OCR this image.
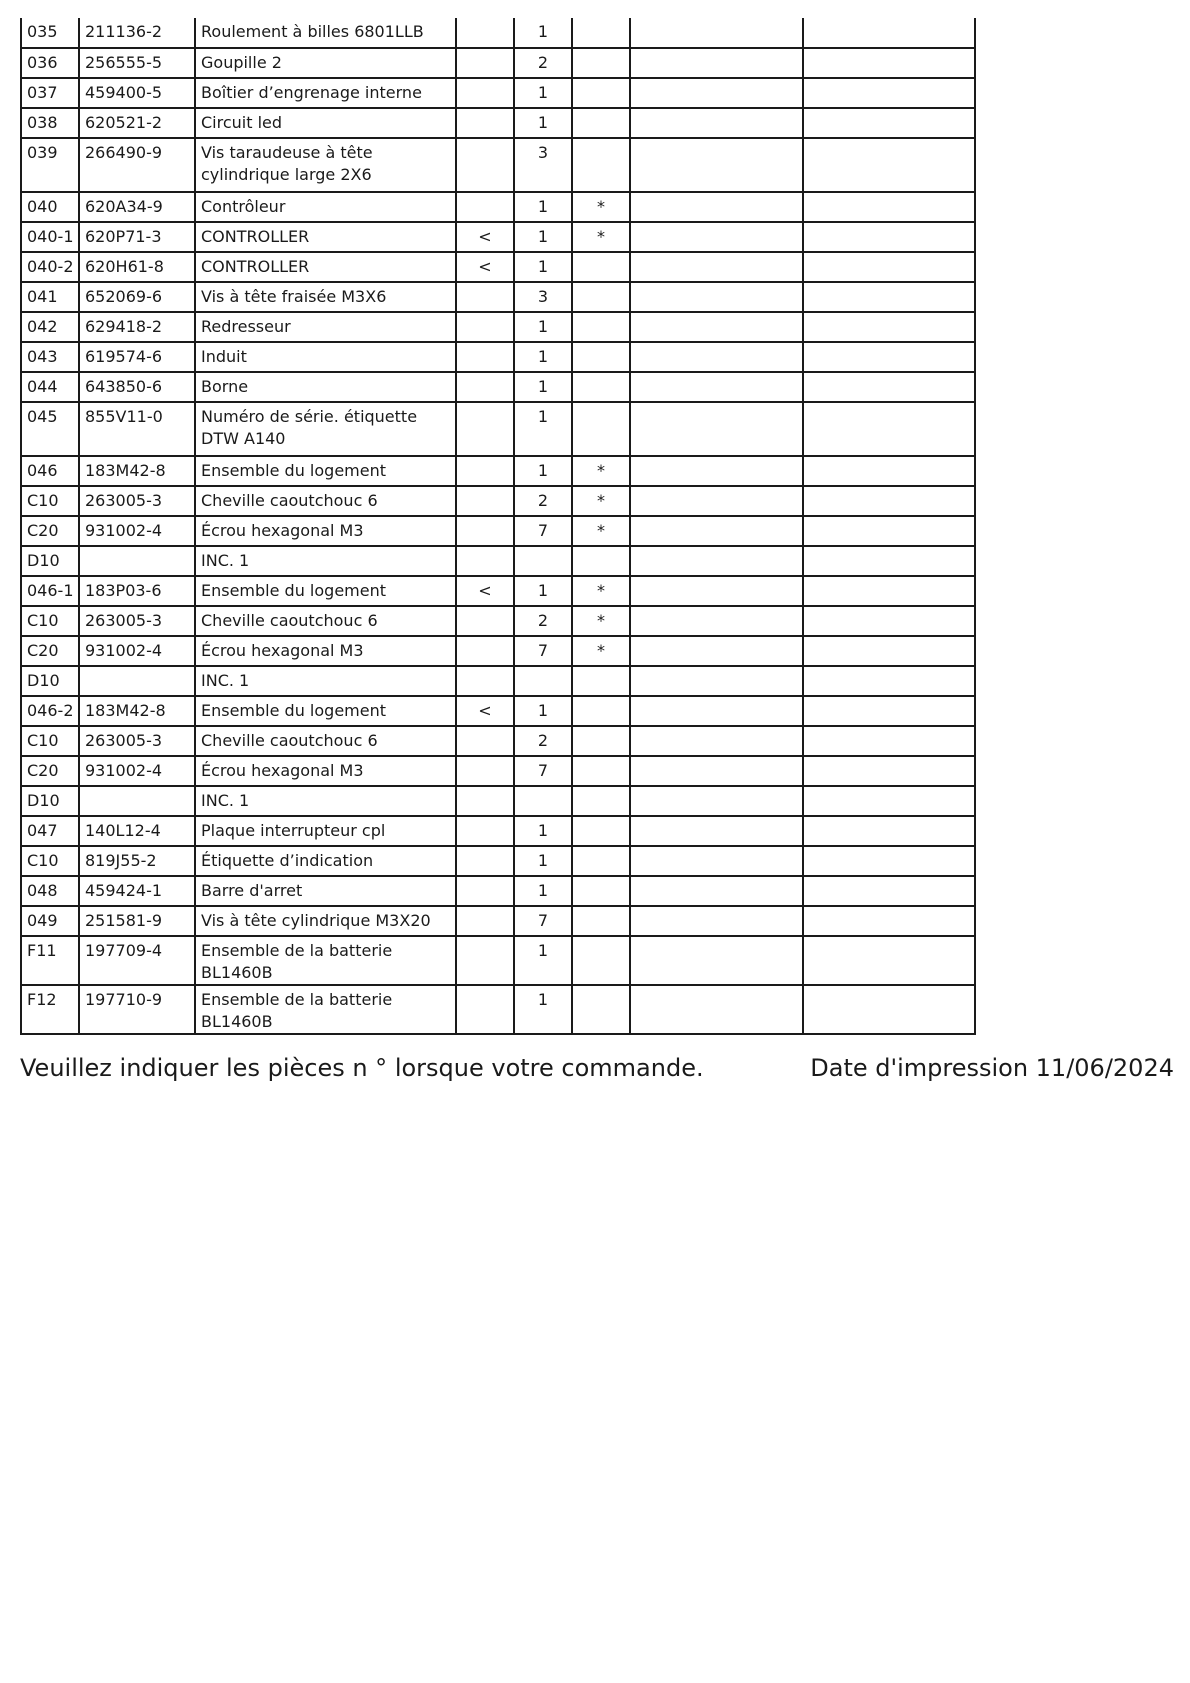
035	211136-2	Roulement à billes 6801LLB		1			
036	256555-5	Goupille 2		2			
037	459400-5	Boîtier d’engrenage interne		1			
038	620521-2	Circuit led		1			
039	266490-9	Vis taraudeuse à tête cylindrique large 2X6		3			
040	620A34-9	Contrôleur		1	*		
040-1	620P71-3	CONTROLLER	<	1	*		
040-2	620H61-8	CONTROLLER	<	1			
041	652069-6	Vis à tête fraisée M3X6		3			
042	629418-2	Redresseur		1			
043	619574-6	Induit		1			
044	643850-6	Borne		1			
045	855V11-0	Numéro de série. étiquette DTW A140		1			
046	183M42-8	Ensemble du logement		1	*		
C10	263005-3	Cheville caoutchouc 6		2	*		
C20	931002-4	Écrou hexagonal M3		7	*		
D10		INC. 1					
046-1	183P03-6	Ensemble du logement	<	1	*		
C10	263005-3	Cheville caoutchouc 6		2	*		
C20	931002-4	Écrou hexagonal M3		7	*		
D10		INC. 1					
046-2	183M42-8	Ensemble du logement	<	1			
C10	263005-3	Cheville caoutchouc 6		2			
C20	931002-4	Écrou hexagonal M3		7			
D10		INC. 1					
047	140L12-4	Plaque interrupteur cpl		1			
C10	819J55-2	Étiquette d’indication		1			
048	459424-1	Barre d'arret		1			
049	251581-9	Vis à tête cylindrique M3X20		7			
F11	197709-4	Ensemble de la batterie BL1460B		1			
F12	197710-9	Ensemble de la batterie BL1460B		1			
Veuillez indiquer les pièces n ° lorsque votre commande.	Date d'impression 11/06/2024
